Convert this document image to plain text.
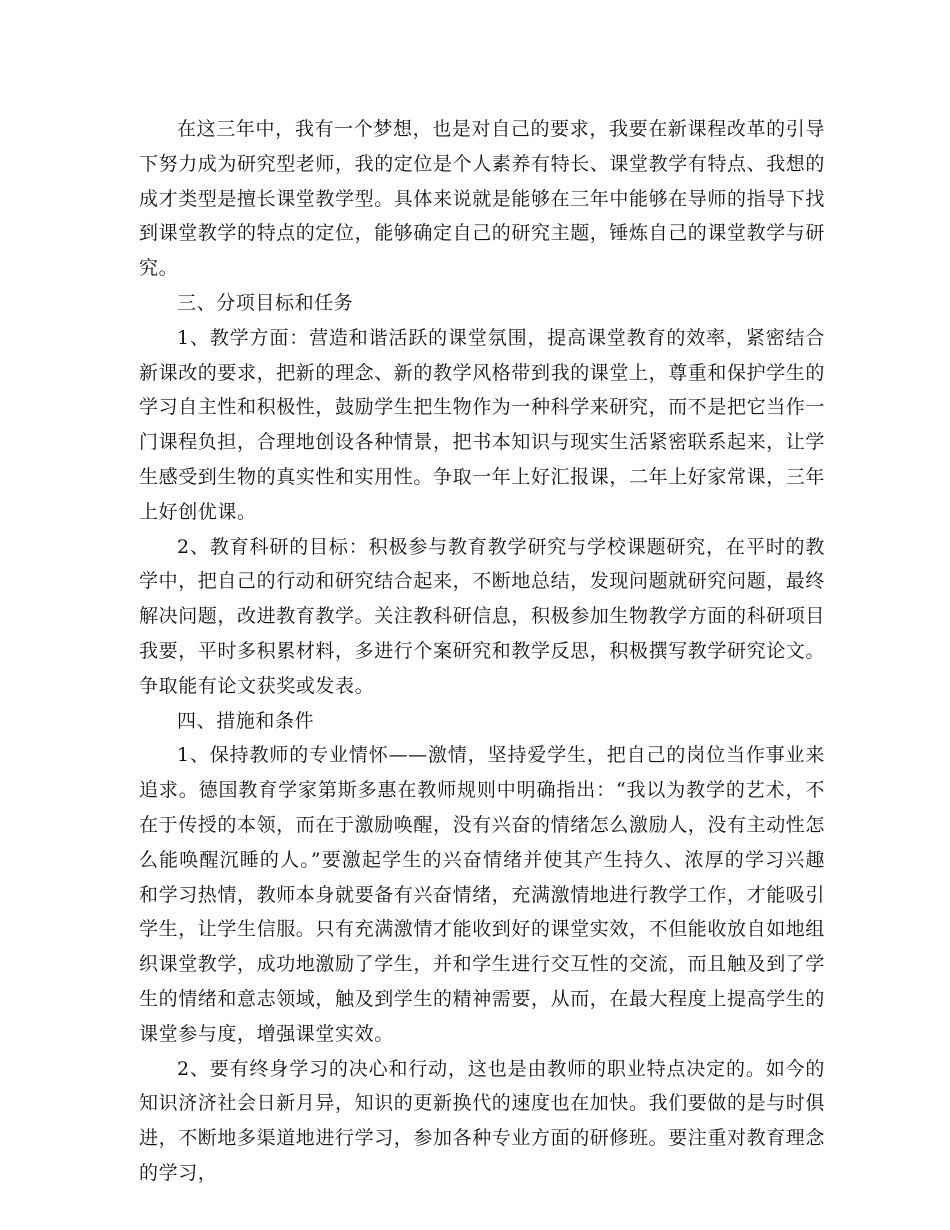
在这三年中，我有一个梦想，也是对自己的要求，我要在新课程改革的引导下努力成为研究型老师，我的定位是个人素养有特长、课堂教学有特点、我想的成才类型是擅长课堂教学型。具体来说就是能够在三年中能够在导师的指导下找到课堂教学的特点的定位，能够确定自己的研究主题，锤炼自己的课堂教学与研究。

三、分项目标和任务

1、教学方面：营造和谐活跃的课堂氛围，提高课堂教育的效率，紧密结合新课改的要求，把新的理念、新的教学风格带到我的课堂上，尊重和保护学生的学习自主性和积极性，鼓励学生把生物作为一种科学来研究，而不是把它当作一门课程负担，合理地创设各种情景，把书本知识与现实生活紧密联系起来，让学生感受到生物的真实性和实用性。争取一年上好汇报课，二年上好家常课，三年上好创优课。

2、教育科研的目标：积极参与教育教学研究与学校课题研究，在平时的教学中，把自己的行动和研究结合起来，不断地总结，发现问题就研究问题，最终解决问题，改进教育教学。关注教科研信息，积极参加生物教学方面的科研项目我要，平时多积累材料，多进行个案研究和教学反思，积极撰写教学研究论文。争取能有论文获奖或发表。

四、措施和条件

1、保持教师的专业情怀——激情，坚持爱学生，把自己的岗位当作事业来追求。德国教育学家第斯多惠在教师规则中明确指出：“我以为教学的艺术，不在于传授的本领，而在于激励唤醒，没有兴奋的情绪怎么激励人，没有主动性怎么能唤醒沉睡的人。”要激起学生的兴奋情绪并使其产生持久、浓厚的学习兴趣和学习热情，教师本身就要备有兴奋情绪，充满激情地进行教学工作，才能吸引学生，让学生信服。只有充满激情才能收到好的课堂实效，不但能收放自如地组织课堂教学，成功地激励了学生，并和学生进行交互性的交流，而且触及到了学生的情绪和意志领域，触及到学生的精神需要，从而，在最大程度上提高学生的课堂参与度，增强课堂实效。

2、要有终身学习的决心和行动，这也是由教师的职业特点决定的。如今的知识济济社会日新月异，知识的更新换代的速度也在加快。我们要做的是与时俱进，不断地多渠道地进行学习，参加各种专业方面的研修班。要注重对教育理念的学习，
